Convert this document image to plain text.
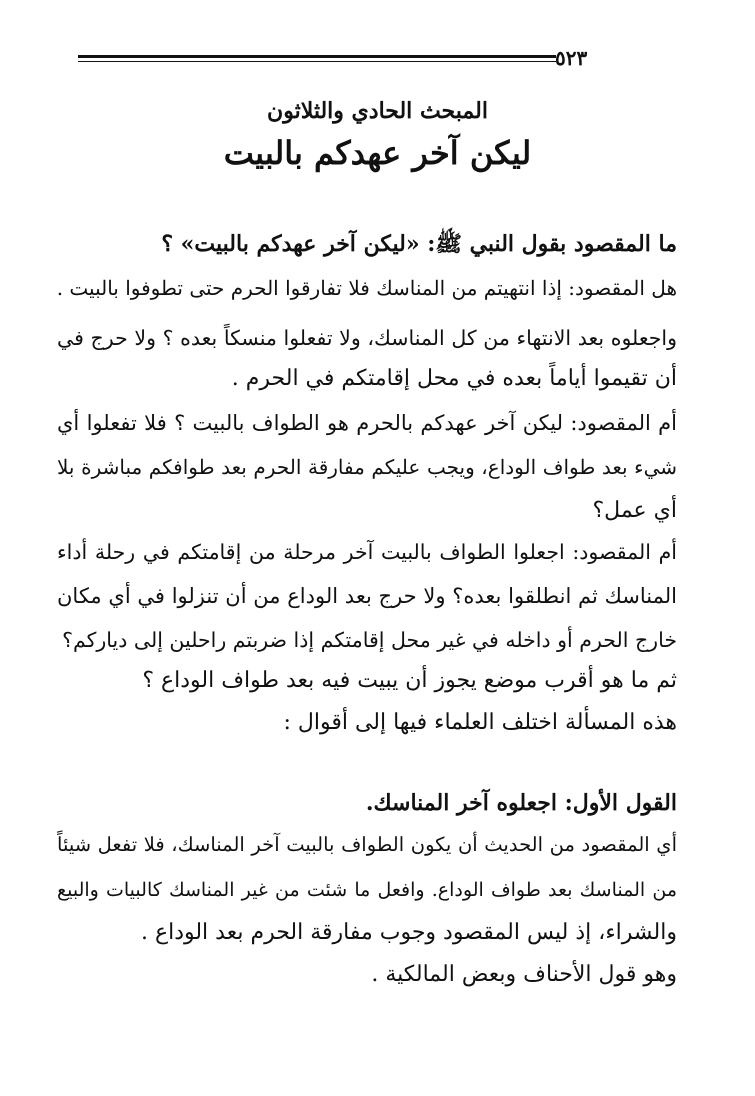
٥٢٣
المبحث الحادي والثلاثون
ليكن آخر عهدكم بالبيت
ما المقصود بقول النبي ﷺ: «ليكن آخر عهدكم بالبيت» ؟
هل المقصود: إذا انتهيتم من المناسك فلا تفارقوا الحرم حتى تطوفوا بالبيت .
واجعلوه بعد الانتهاء من كل المناسك، ولا تفعلوا منسكاً بعده ؟ ولا حرج في
أن تقيموا أياماً بعده في محل إقامتكم في الحرم .
أم المقصود: ليكن آخر عهدكم بالحرم هو الطواف بالبيت ؟ فلا تفعلوا أي
شيء بعد طواف الوداع، ويجب عليكم مفارقة الحرم بعد طوافكم مباشرة بلا
أي عمل؟
أم المقصود: اجعلوا الطواف بالبيت آخر مرحلة من إقامتكم في رحلة أداء
المناسك ثم انطلقوا بعده؟ ولا حرج بعد الوداع من أن تنزلوا في أي مكان
خارج الحرم أو داخله في غير محل إقامتكم إذا ضربتم راحلين إلى دياركم؟
ثم ما هو أقرب موضع يجوز أن يبيت فيه بعد طواف الوداع ؟
هذه المسألة اختلف العلماء فيها إلى أقوال :
القول الأول: اجعلوه آخر المناسك.
أي المقصود من الحديث أن يكون الطواف بالبيت آخر المناسك، فلا تفعل شيئاً
من المناسك بعد طواف الوداع. وافعل ما شئت من غير المناسك كالبيات والبيع
والشراء، إذ ليس المقصود وجوب مفارقة الحرم بعد الوداع .
وهو قول الأحناف وبعض المالكية .
